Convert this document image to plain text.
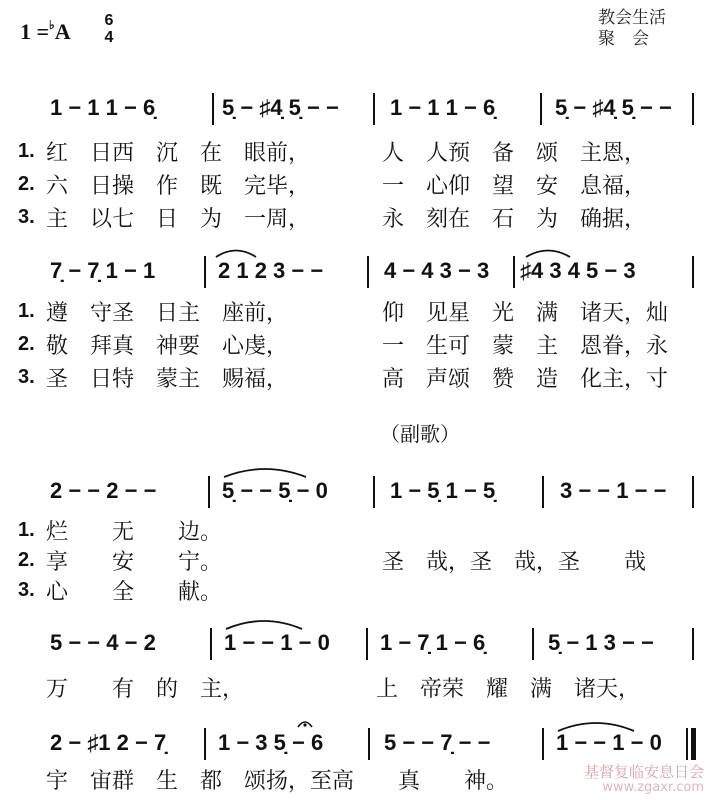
1 =♭A	6
4
教会生活
聚　会
1 − 1 1 − 6̣	5̣ − ♯4̣ 5̣ − − 1 − 1 1 − 6̣	5̣ − ♯4̣ 5̣ − −
1. 红　日西　沉　在　眼前，	人　人预　备　颂　主恩，
2. 六　日操　作　既　完毕，	一　心仰　望　安　息福，
3. 主　以七　日　为　一周，	永　刻在　石　为　确据，
7̣ − 7̣ 1 − 1	2 1 2 3 − −	4 − 4 3 − 3 ♯4 3 4 5 − 3
1. 遵　守圣　日主　座前，	仰　见星　光　满　诸天，灿
2. 敬　拜真　神要　心虔，	一　生可　蒙　主　恩眷，永
3. 圣　日特　蒙主　赐福，	高　声颂　赞　造　化主，寸
（副歌）
2 − − 2 − −	5̣ − − 5̣ − 0	1 − 5̣ 1 − 5̣	3 − − 1 − −
1. 烂　　无　　边。
2. 享　　安　　宁。	圣　哉，圣　哉，圣　　哉
3. 心　　全　　献。
5 − − 4 − 2	1 − − 1 − 0 1 − 7̣ 1 − 6̣	5̣ − 1 3 − −
万　　有　的　主，	上　帝荣　耀　满　诸天，
2 − ♯1 2 − 7̣ 1 − 3 5̣ − 6	5 − − 7̣ − −	1 − − 1 − 0
宇　宙群　生　都　颂扬，至高　　真　　神。	基督复临安息日会
www.zgaxr.com
